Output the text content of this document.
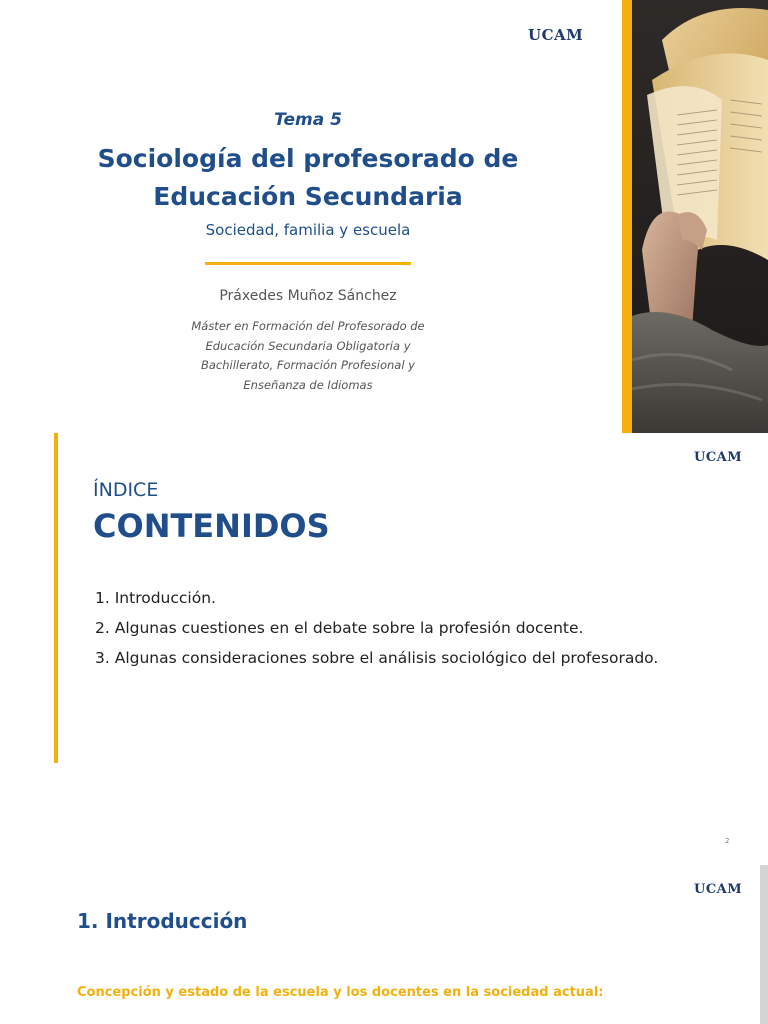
UCAM
Tema 5
Sociología del profesorado de
Educación Secundaria
Sociedad, familia y escuela
Práxedes Muñoz Sánchez
Máster en Formación del Profesorado de
Educación Secundaria Obligatoria y
Bachillerato, Formación Profesional y
Enseñanza de Idiomas
UCAM
ÍNDICE
CONTENIDOS
1. Introducción.
2. Algunas cuestiones en el debate sobre la profesión docente.
3. Algunas consideraciones sobre el análisis sociológico del profesorado.
2
UCAM
1. Introducción
Concepción y estado de la escuela y los docentes en la sociedad actual:
